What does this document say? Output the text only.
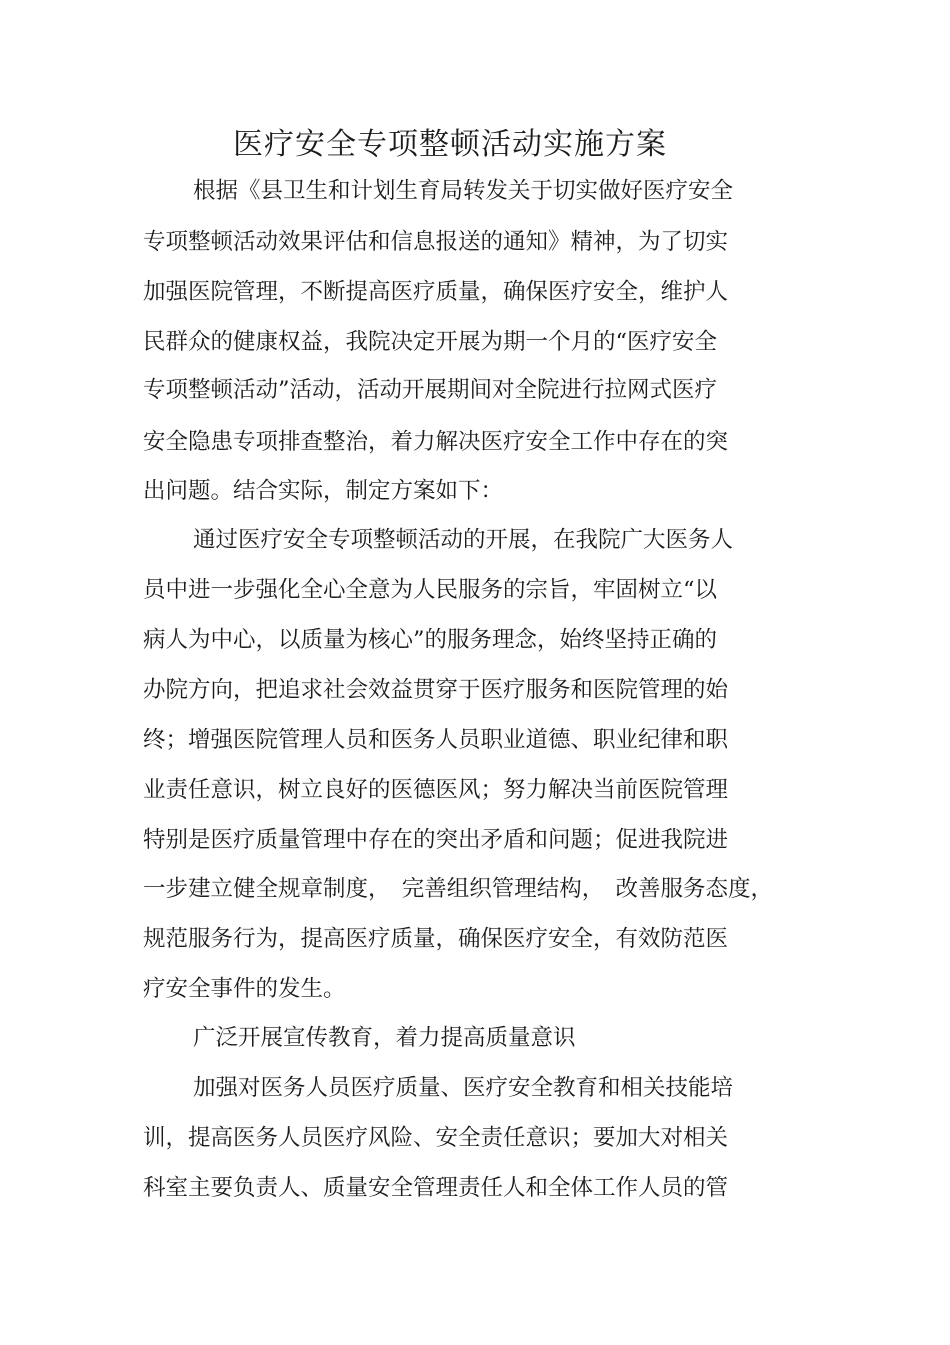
医疗安全专项整顿活动实施方案

根据《县卫生和计划生育局转发关于切实做好医疗安全

专项整顿活动效果评估和信息报送的通知》精神，为了切实

加强医院管理，不断提高医疗质量，确保医疗安全，维护人

民群众的健康权益，我院决定开展为期一个月的“医疗安全

专项整顿活动”活动，活动开展期间对全院进行拉网式医疗

安全隐患专项排查整治，着力解决医疗安全工作中存在的突

出问题。结合实际，制定方案如下：

通过医疗安全专项整顿活动的开展，在我院广大医务人

员中进一步强化全心全意为人民服务的宗旨，牢固树立“以

病人为中心，以质量为核心”的服务理念，始终坚持正确的

办院方向，把追求社会效益贯穿于医疗服务和医院管理的始

终；增强医院管理人员和医务人员职业道德、职业纪律和职

业责任意识，树立良好的医德医风；努力解决当前医院管理

特别是医疗质量管理中存在的突出矛盾和问题；促进我院进

一步建立健全规章制度，　完善组织管理结构，　改善服务态度，

规范服务行为，提高医疗质量，确保医疗安全，有效防范医

疗安全事件的发生。

广泛开展宣传教育，着力提高质量意识

加强对医务人员医疗质量、医疗安全教育和相关技能培

训，提高医务人员医疗风险、安全责任意识；要加大对相关

科室主要负责人、质量安全管理责任人和全体工作人员的管
